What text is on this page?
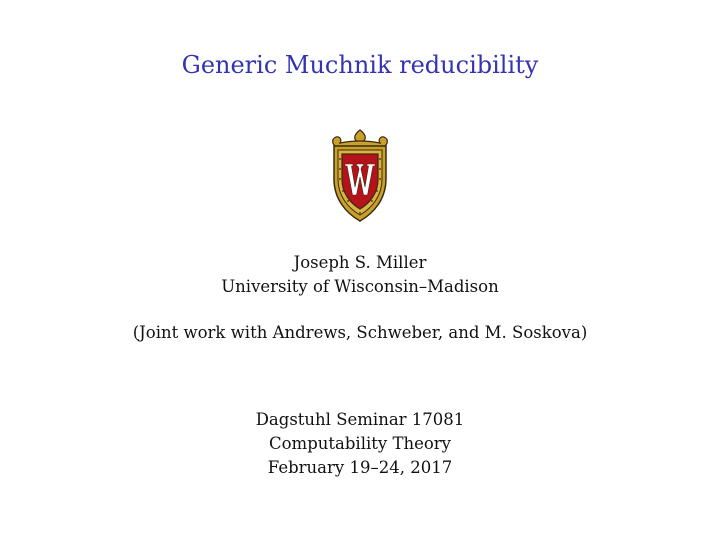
Generic Muchnik reducibility
Joseph S. Miller
University of Wisconsin–Madison
(Joint work with Andrews, Schweber, and M. Soskova)
Dagstuhl Seminar 17081
Computability Theory
February 19–24, 2017
